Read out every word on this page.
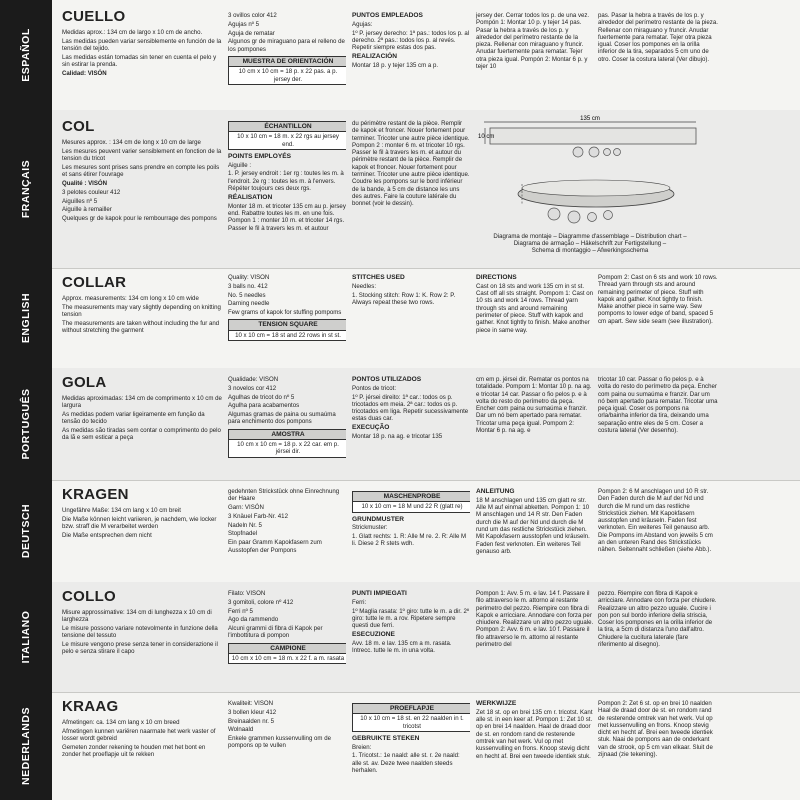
ESPAÑOL
CUELLO

Medidas aprox.: 134 cm de largo x 10 cm de ancho.

Las medidas pueden variar sensiblemente en función de la tensión del tejido.

Las medidas están tomadas sin tener en cuenta el pelo y sin estirar la prenda.

Calidad: VISÓN

3 ovillos color 412

Agujas nº 5

Aguja de rematar

Algunos gr de miraguano para el relleno de los pompones

MUESTRA DE ORIENTACIÓN
10 cm x 10 cm = 18 p. x 22 pas. a p. jersey der.

PUNTOS EMPLEADOS

Agujas:

1º P. jersey derecho: 1ª pas.: todos los p. al derecho. 2ª pas.: todos los p. al revés. Repetir siempre estas dos pas.

REALIZACIÓN

Montar 18 p. y tejer 135 cm a p.

jersey der. Cerrar todos los p. de una vez. Pompón 1: Montar 10 p. y tejer 14 pas. Pasar la hebra a través de los p. y alrededor del perímetro restante de la pieza. Rellenar con miraguano y fruncir. Anudar fuertemente para rematar. Tejer otra pieza igual. Pompón 2: Montar 6 p. y tejer 10

pas. Pasar la hebra a través de los p. y alrededor del perímetro restante de la pieza. Rellenar con miraguano y fruncir. Anudar fuertemente para rematar. Tejer otra pieza igual. Coser los pompones en la orilla inferior de la tira, separados 5 cm uno de otro. Coser la costura lateral (Ver dibujo).

FRANÇAIS
COL

Mesures approx. : 134 cm de long x 10 cm de large

Les mesures peuvent varier sensiblement en fonction de la tension du tricot

Les mesures sont prises sans prendre en compte les poils et sans étirer l'ouvrage

Qualité : VISÓN

3 pelotes couleur 412

Aiguilles nº 5

Aiguille à remailler

Quelques gr de kapok pour le rembourrage des pompons

ÉCHANTILLON
10 x 10 cm = 18 m. x 22 rgs au jersey end.

POINTS EMPLOYÉS

Aiguille :

1. P. jersey endroit : 1er rg : toutes les m. à l'endroit. 2e rg : toutes les m. à l'envers. Répéter toujours ces deux rgs.

RÉALISATION

Monter 18 m. et tricoter 135 cm au p. jersey end. Rabattre toutes les m. en une fois. Pompon 1 : monter 10 m. et tricoter 14 rgs. Passer le fil à travers les m. et autour

du périmètre restant de la pièce. Remplir de kapok et froncer. Nouer fortement pour terminer. Tricoter une autre pièce identique. Pompon 2 : monter 6 m. et tricoter 10 rgs. Passer le fil à travers les m. et autour du périmètre restant de la pièce. Remplir de kapok et froncer. Nouer fortement pour terminer. Tricoter une autre pièce identique. Coudre les pompons sur le bord inférieur de la bande, à 5 cm de distance les uns des autres. Faire la couture latérale du bonnet (voir le dessin).

135 cm
10 cm
Diagrama de montaje – Diagramme d'assemblage – Distribution chart –
Diagrama de armação – Häkelschrift zur Fertigstellung –
Schema di montaggio – Afwerkingsschema
ENGLISH
COLLAR

Approx. measurements: 134 cm long x 10 cm wide

The measurements may vary slightly depending on knitting tension

The measurements are taken without including the fur and without stretching the garment

Quality: VISÓN

3 balls no. 412

No. 5 needles

Darning needle

Few grams of kapok for stuffing pompoms

TENSION SQUARE
10 x 10 cm = 18 st and 22 rows in st st.

STITCHES USED

Needles:

1. Stocking stitch: Row 1: K. Row 2: P. Always repeat these two rows.

DIRECTIONS

Cast on 18 sts and work 135 cm in st st. Cast off all sts straight. Pompom 1: Cast on 10 sts and work 14 rows. Thread yarn through sts and around remaining perimeter of piece. Stuff with kapok and gather. Knot tightly to finish. Make another piece in same way.

Pompom 2: Cast on 6 sts and work 10 rows. Thread yarn through sts and around remaining perimeter of piece. Stuff with kapok and gather. Knot tightly to finish. Make another piece in same way. Sew pompoms to lower edge of band, spaced 5 cm apart. Sew side seam (see illustration).

PORTUGUÊS
GOLA

Medidas aproximadas: 134 cm de comprimento x 10 cm de largura

As medidas podem variar ligeiramente em função da tensão do tecido

As medidas são tiradas sem contar o comprimento do pelo da lã e sem esticar a peça

Qualidade: VISÓN

3 novelos cor 412

Agulhas de tricot do nº 5

Agulha para acabamentos

Algumas gramas de paina ou sumaúma para enchimento dos pompons

AMOSTRA
10 cm x 10 cm = 18 p. x 22 car. em p. jérsei dir.

PONTOS UTILIZADOS

Pontos de tricot:

1º P. jérsei direito: 1ª car.: todos os p. tricotados em meia. 2ª car.: todos os p. tricotados em liga. Repetir sucessivamente estas duas car.

EXECUÇÃO

Montar 18 p. na ag. e tricotar 135

cm em p. jérsei dir. Rematar os pontos na totalidade. Pompom 1: Montar 10 p. na ag. e tricotar 14 car. Passar o fio pelos p. e à volta do resto do perímetro da peça. Encher com paina ou sumaúma e franzir. Dar um nó bem apertado para rematar. Tricotar uma peça igual. Pompom 2: Montar 6 p. na ag. e

tricotar 10 car. Passar o fio pelos p. e à volta do resto do perímetro da peça. Encher com paina ou sumaúma e franzir. Dar um nó bem apertado para rematar. Tricotar uma peça igual. Coser os pompons na orla/bainha inferior da tira, deixando uma separação entre eles de 5 cm. Coser a costura lateral (Ver desenho).

DEUTSCH
KRAGEN

Ungefähre Maße: 134 cm lang x 10 cm breit

Die Maße können leicht variieren, je nachdem, wie locker bzw. straff die M verarbeitet werden

Die Maße entsprechen dem nicht

gedehnten Strickstück ohne Einrechnung der Haare

Garn: VISÓN

3 Knäuel Farb-Nr. 412

Nadeln Nr. 5

Stopfnadel

Ein paar Gramm Kapokfasern zum Ausstopfen der Pompons

MASCHENPROBE
10 x 10 cm = 18 M und 22 R (glatt re)

GRUNDMUSTER

Strickmuster:

1. Glatt rechts: 1. R: Alle M re. 2. R: Alle M li. Diese 2 R stets wdh.

ANLEITUNG

18 M anschlagen und 135 cm glatt re str. Alle M auf einmal abketten. Pompon 1: 10 M anschlagen und 14 R str. Den Faden durch die M auf der Nd und durch die M rund um das restliche Strickstück ziehen. Mit Kapokfasern ausstopfen und kräuseln. Faden fest verknoten. Ein weiteres Teil genauso arb.

Pompon 2: 6 M anschlagen und 10 R str. Den Faden durch die M auf der Nd und durch die M rund um das restliche Strickstück ziehen. Mit Kapokfasern ausstopfen und kräuseln. Faden fest verknoten. Ein weiteres Teil genauso arb. Die Pompons im Abstand von jeweils 5 cm an den unteren Rand des Strickstücks nähen. Seitennaht schließen (siehe Abb.).

ITALIANO
COLLO

Misure approssimative: 134 cm di lunghezza x 10 cm di larghezza

Le misure possono variare notevolmente in funzione della tensione del tessuto

Le misure vengono prese senza tener in considerazione il pelo e senza stirare il capo

Filato: VISÓN

3 gomitoli, colore nº 412

Ferri nº 5

Ago da rammendo

Alcuni grammi di fibra di Kapok per l'imbottitura di pompon

CAMPIONE
10 cm x 10 cm = 18 m. x 22 f. a m. rasata

PUNTI IMPIEGATI

Ferri:

1º Maglia rasata: 1º giro: tutte le m. a dir. 2º giro: tutte le m. a rov. Ripetere sempre questi due ferri.

ESECUZIONE

Avv. 18 m. e lav. 135 cm a m. rasata. Intrecc. tutte le m. in una volta.

Pompon 1: Avv. 5 m. e lav. 14 f. Passare il filo attraverso le m. attorno al restante perimetro del pezzo. Riempire con fibra di Kapok e arricciare. Annodare con forza per chiudere. Realizzare un altro pezzo uguale. Pompon 2: Avv. 6 m. e lav. 10 f. Passare il filo attraverso le m. attorno al restante perimetro del

pezzo. Riempire con fibra di Kapok e arricciare. Annodare con forza per chiudere. Realizzare un altro pezzo uguale. Cucire i pon pon sul bordo inferiore della striscia, Coser los pompones en la orilla inferior de la tira, a 5cm di distanza l'uno dall'altro. Chiudere la cucitura laterale (fare riferimento al disegno).

NEDERLANDS
KRAAG

Afmetingen: ca. 134 cm lang x 10 cm breed

Afmetingen kunnen variëren naarmate het werk vaster of losser wordt gebreid

Gemeten zonder rekening te houden met het bont en zonder het proeflapje uit te rekken

Kwaliteit: VISÓN

3 bollen kleur 412

Breinaalden nr. 5

Wolnaald

Enkele grammen kussenvulling om de pompons op te vullen

PROEFLAPJE
10 x 10 cm = 18 st. en 22 naalden in t. tricotst

GEBRUIKTE STEKEN

Breien:

1. Tricotst.: 1e naald: alle st. r. 2e naald: alle st. av. Deze twee naalden steeds herhalen.

WERKWIJZE

Zet 18 st. op en brei 135 cm r. tricotst. Kant alle st. in een keer af. Pompon 1: Zet 10 st. op en brei 14 naalden. Haal de draad door de st. en rondom rand de resterende omtrek van het werk. Vul op met kussenvulling en frons. Knoop stevig dicht en hecht af. Brei een tweede identiek stuk.

Pompon 2: Zet 6 st. op en brei 10 naalden Haal de draad door de st. en rondom rand de resterende omtrek van het werk. Vul op met kussenvulling en frons. Knoop stevig dicht en hecht af. Brei een tweede identiek stuk. Naai de pompons aan de onderkant van de strook, op 5 cm van elkaar. Sluit de zijnaad (zie tekening).
